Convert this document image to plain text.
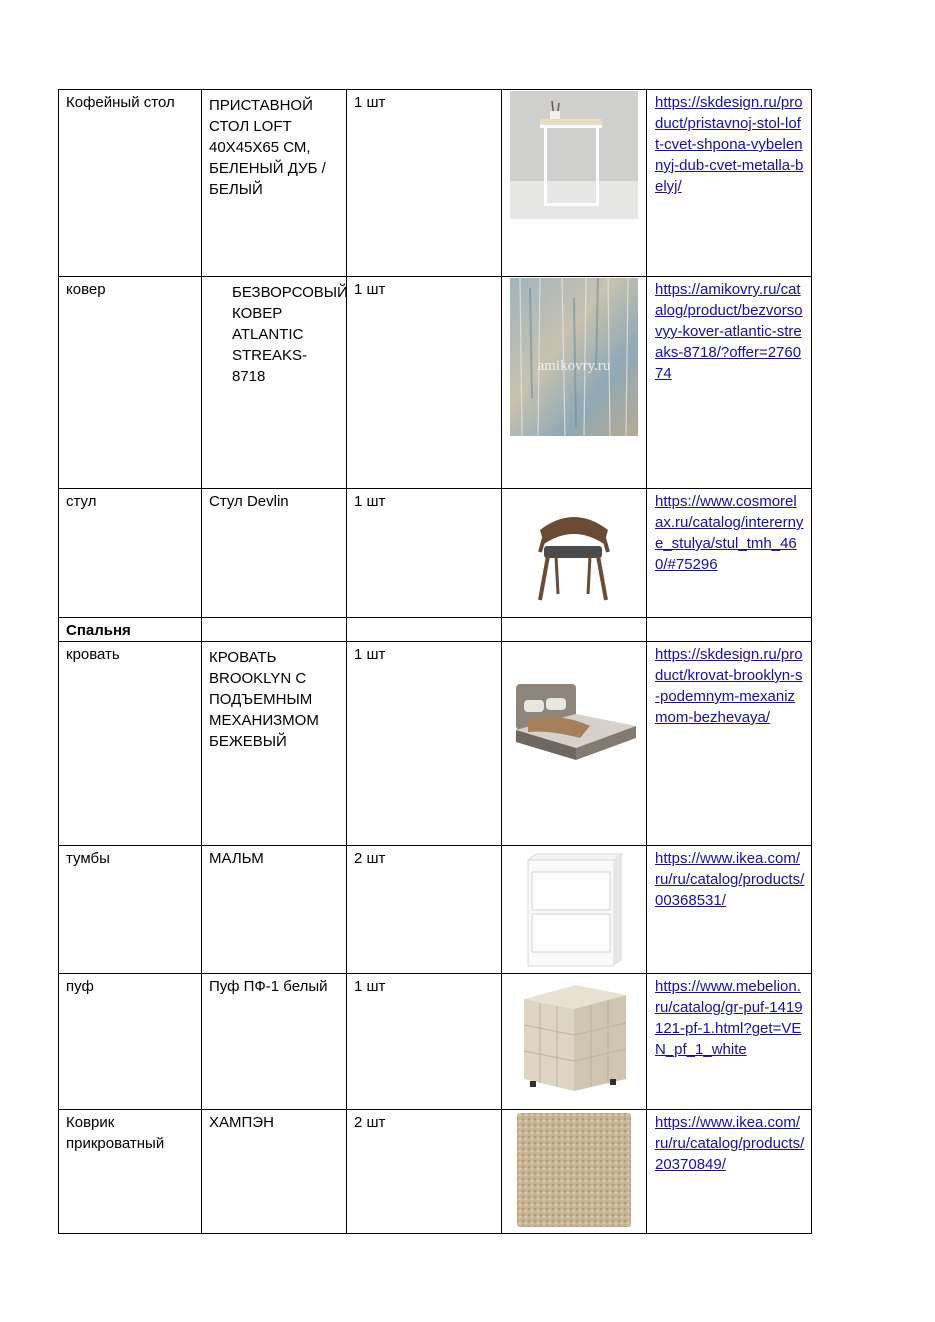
Кофейный стол	ПРИСТАВНОЙ СТОЛ LOFT 40Х45Х65 СМ, БЕЛЕНЫЙ ДУБ / БЕЛЫЙ	1 шт		https://skdesign.ru/product/pristavnoj-stol-loft-cvet-shpona-vybelennyj-dub-cvet-metalla-belyj/
ковер	БЕЗВОРСОВЫЙ КОВЕР ATLANTIC STREAKS-8718	1 шт	amikovry.ru	https://amikovry.ru/catalog/product/bezvorsovyy-kover-atlantic-streaks-8718/?offer=276074
стул	Стул Devlin	1 шт		https://www.cosmorelax.ru/catalog/interernye_stulya/stul_tmh_460/#75296
Спальня				
кровать	КРОВАТЬ BROOKLYN С ПОДЪЕМНЫМ МЕХАНИЗМОМ БЕЖЕВЫЙ	1 шт		https://skdesign.ru/product/krovat-brooklyn-s-podemnym-mexanizmom-bezhevaya/
тумбы	МАЛЬМ	2 шт		https://www.ikea.com/ru/ru/catalog/products/00368531/
пуф	Пуф ПФ-1 белый	1 шт		https://www.mebelion.ru/catalog/gr-puf-1419121-pf-1.html?get=VEN_pf_1_white
Коврик прикроватный	ХАМПЭН	2 шт		https://www.ikea.com/ru/ru/catalog/products/20370849/
